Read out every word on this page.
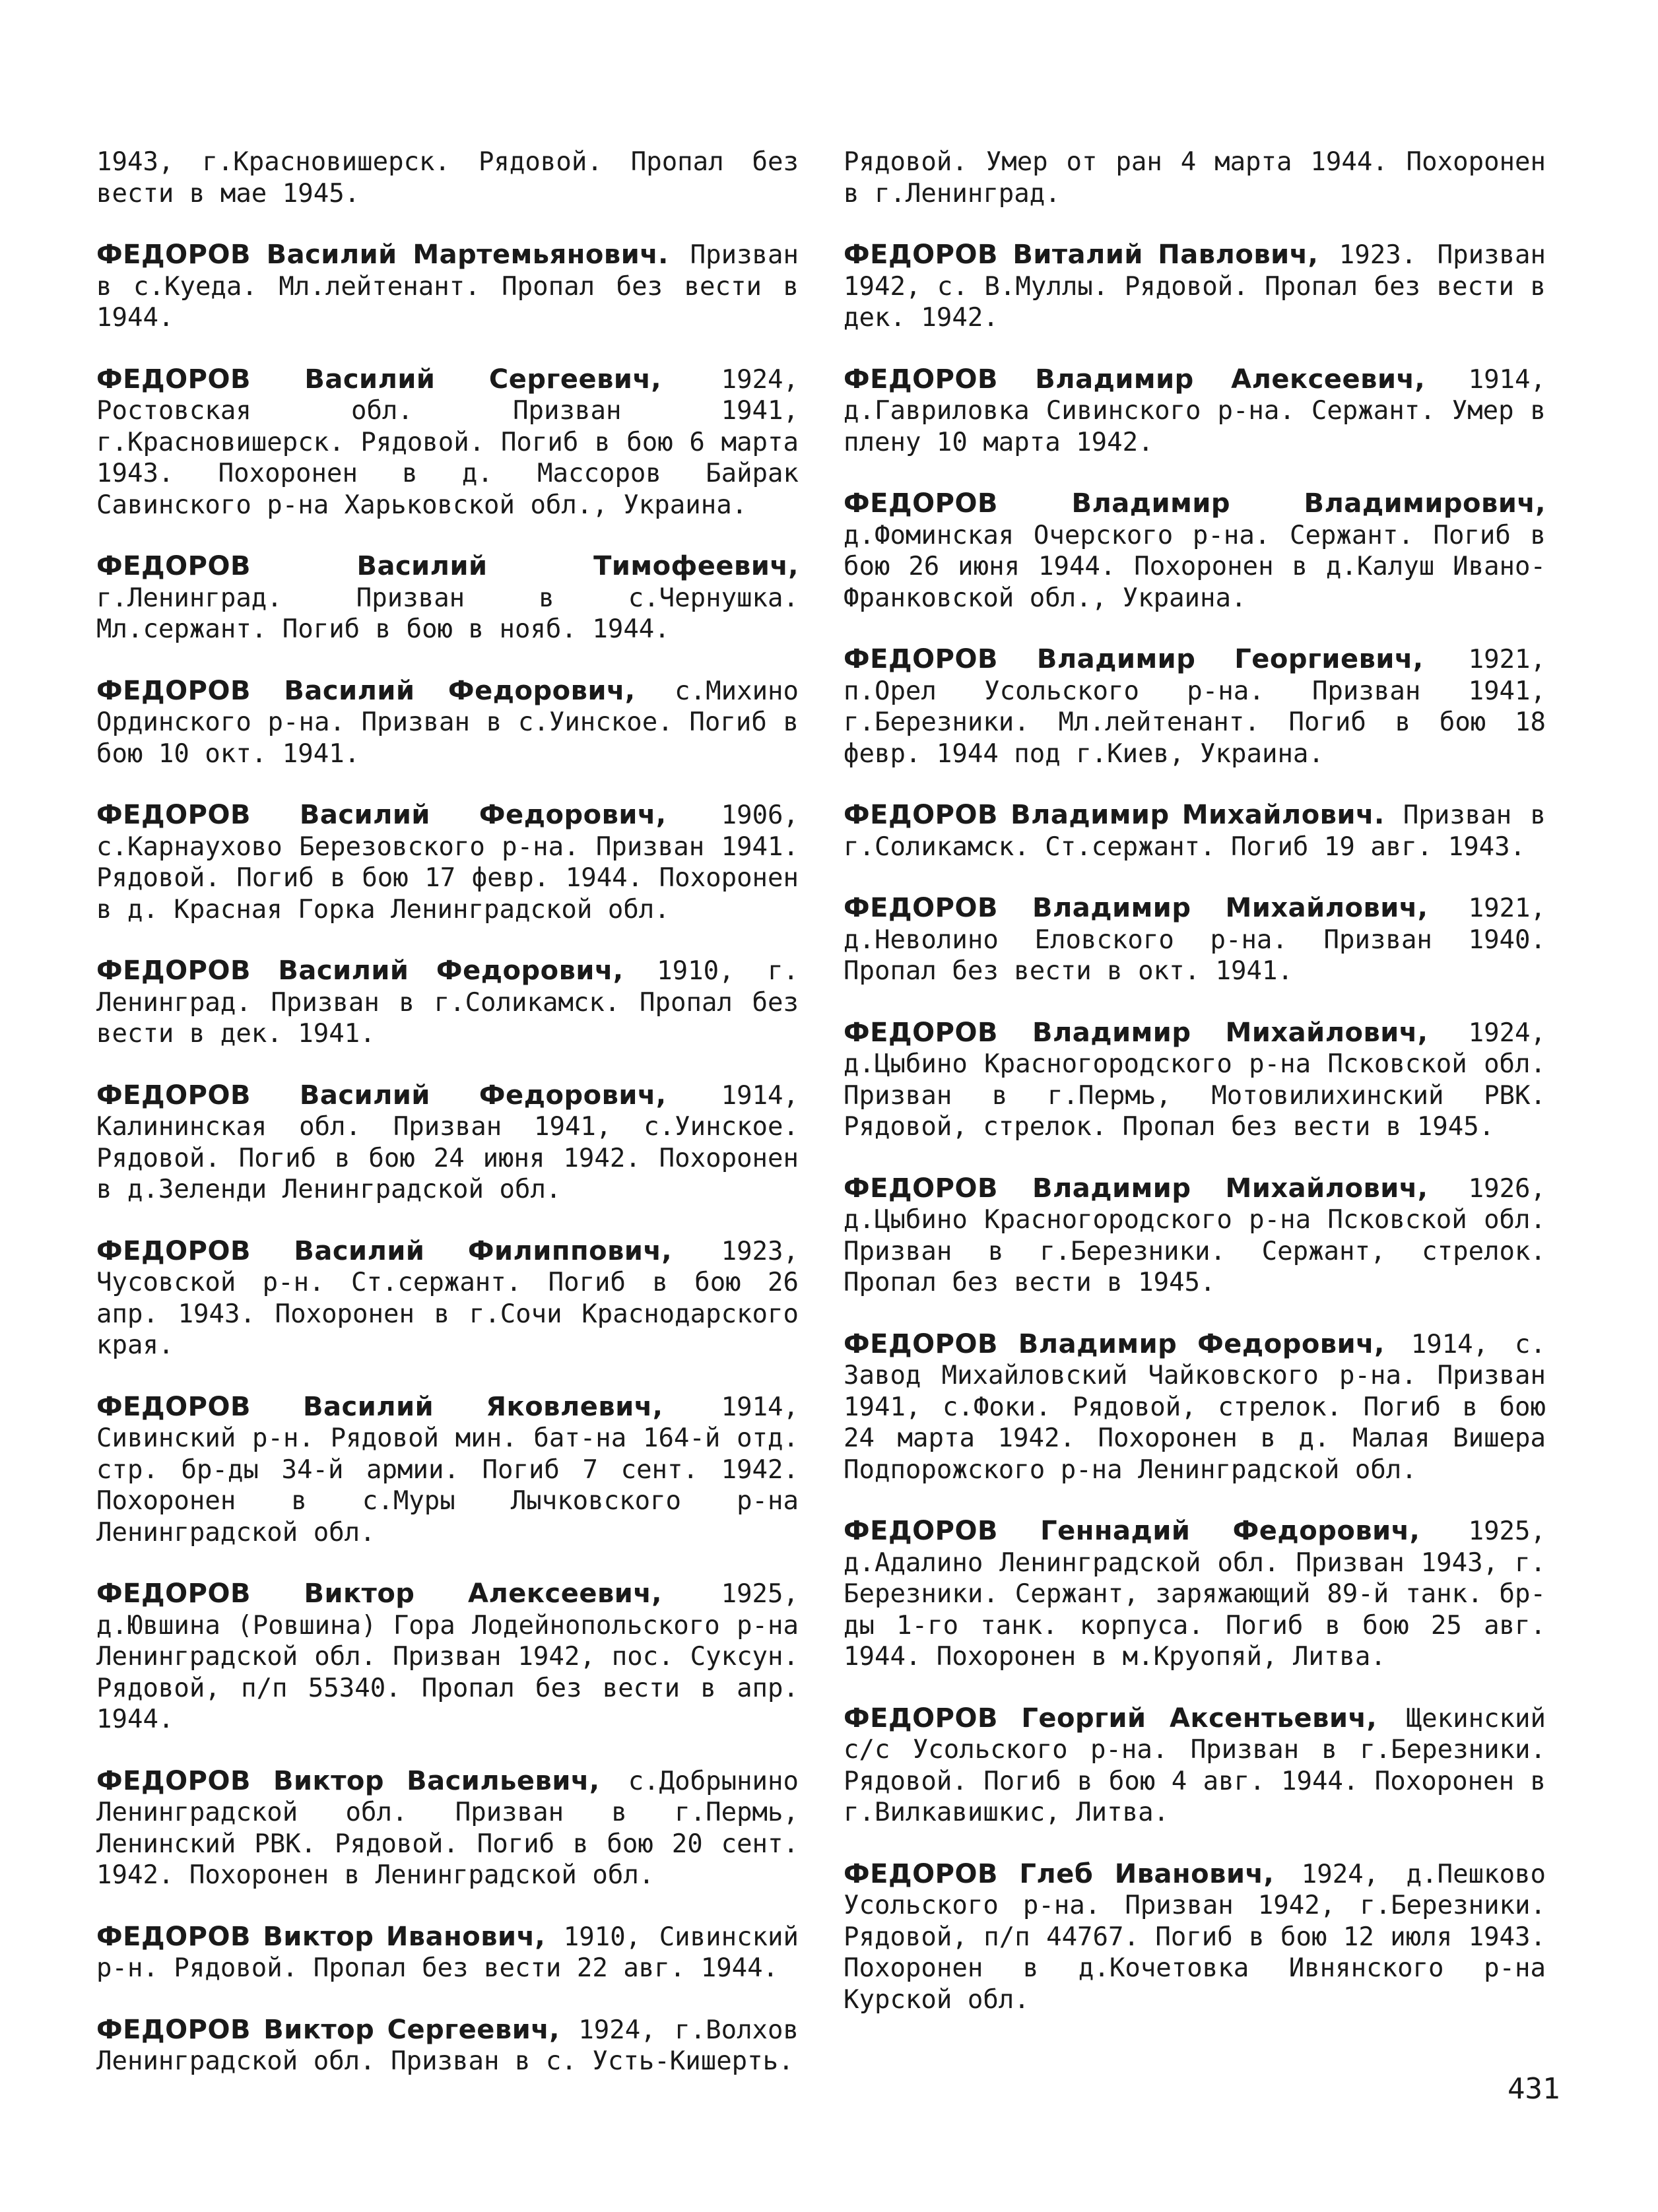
1943, г.Красновишерск. Рядовой. Пропал без вести в мае 1945.

ФЕДОРОВ Василий Мартемьянович. Призван в с.Куеда. Мл.лейтенант. Пропал без вести в 1944.

ФЕДОРОВ Василий Сергеевич, 1924, Ростовская обл. Призван 1941, г.Красновишерск. Рядовой. Погиб в бою 6 марта 1943. Похоронен в д. Массоров Байрак Савинского р-на Харьковской обл., Украина.

ФЕДОРОВ Василий Тимофеевич, г.Ленинград. Призван в с.Чернушка. Мл.сержант. Погиб в бою в нояб. 1944.

ФЕДОРОВ Василий Федорович, с.Михино Ординского р-на. Призван в с.Уинское. Погиб в бою 10 окт. 1941.

ФЕДОРОВ Василий Федорович, 1906, с.Карнаухово Березовского р-на. Призван 1941. Рядовой. Погиб в бою 17 февр. 1944. Похоронен в д. Красная Горка Ленинградской обл.

ФЕДОРОВ Василий Федорович, 1910, г. Ленинград. Призван в г.Соликамск. Пропал без вести в дек. 1941.

ФЕДОРОВ Василий Федорович, 1914, Калининская обл. Призван 1941, с.Уинское. Рядовой. Погиб в бою 24 июня 1942. Похоронен в д.Зеленди Ленинградской обл.

ФЕДОРОВ Василий Филиппович, 1923, Чусовской р-н. Ст.сержант. Погиб в бою 26 апр. 1943. Похоронен в г.Сочи Краснодарского края.

ФЕДОРОВ Василий Яковлевич, 1914, Сивинский р-н. Рядовой мин. бат-на 164-й отд. стр. бр-ды 34-й армии. Погиб 7 сент. 1942. Похоронен в с.Муры Лычковского р-на Ленинградской обл.

ФЕДОРОВ Виктор Алексеевич, 1925, д.Ювшина (Ровшина) Гора Лодейнопольского р-на Ленинградской обл. Призван 1942, пос. Суксун. Рядовой, п/п 55340. Пропал без вести в апр. 1944.

ФЕДОРОВ Виктор Васильевич, с.Добрынино Ленинградской обл. Призван в г.Пермь, Ленинский РВК. Рядовой. Погиб в бою 20 сент. 1942. Похоронен в Ленинградской обл.

ФЕДОРОВ Виктор Иванович, 1910, Сивинский р-н. Рядовой. Пропал без вести 22 авг. 1944.

ФЕДОРОВ Виктор Сергеевич, 1924, г.Волхов Ленинградской обл. Призван в с. Усть-Кишерть.

Рядовой. Умер от ран 4 марта 1944. Похоронен в г.Ленинград.

ФЕДОРОВ Виталий Павлович, 1923. Призван 1942, с. В.Муллы. Рядовой. Пропал без вести в дек. 1942.

ФЕДОРОВ Владимир Алексеевич, 1914, д.Гавриловка Сивинского р-на. Сержант. Умер в плену 10 марта 1942.

ФЕДОРОВ Владимир Владимирович, д.Фоминская Очерского р-на. Сержант. Погиб в бою 26 июня 1944. Похоронен в д.Калуш Ивано-Франковской обл., Украина.

ФЕДОРОВ Владимир Георгиевич, 1921, п.Орел Усольского р-на. Призван 1941, г.Березники. Мл.лейтенант. Погиб в бою 18 февр. 1944 под г.Киев, Украина.

ФЕДОРОВ Владимир Михайлович. Призван в г.Соликамск. Ст.сержант. Погиб 19 авг. 1943.

ФЕДОРОВ Владимир Михайлович, 1921, д.Неволино Еловского р-на. Призван 1940. Пропал без вести в окт. 1941.

ФЕДОРОВ Владимир Михайлович, 1924, д.Цыбино Красногородского р-на Псковской обл. Призван в г.Пермь, Мотовилихинский РВК. Рядовой, стрелок. Пропал без вести в 1945.

ФЕДОРОВ Владимир Михайлович, 1926, д.Цыбино Красногородского р-на Псковской обл. Призван в г.Березники. Сержант, стрелок. Пропал без вести в 1945.

ФЕДОРОВ Владимир Федорович, 1914, с. Завод Михайловский Чайковского р-на. Призван 1941, с.Фоки. Рядовой, стрелок. Погиб в бою 24 марта 1942. Похоронен в д. Малая Вишера Подпорожского р-на Ленинградской обл.

ФЕДОРОВ Геннадий Федорович, 1925, д.Адалино Ленинградской обл. Призван 1943, г. Березники. Сержант, заряжающий 89-й танк. бр-ды 1-го танк. корпуса. Погиб в бою 25 авг. 1944. Похоронен в м.Круопяй, Литва.

ФЕДОРОВ Георгий Аксентьевич, Щекинский с/с Усольского р-на. Призван в г.Березники. Рядовой. Погиб в бою 4 авг. 1944. Похоронен в г.Вилкавишкис, Литва.

ФЕДОРОВ Глеб Иванович, 1924, д.Пешково Усольского р-на. Призван 1942, г.Березники. Рядовой, п/п 44767. Погиб в бою 12 июля 1943. Похоронен в д.Кочетовка Ивнянского р-на Курской обл.

431
